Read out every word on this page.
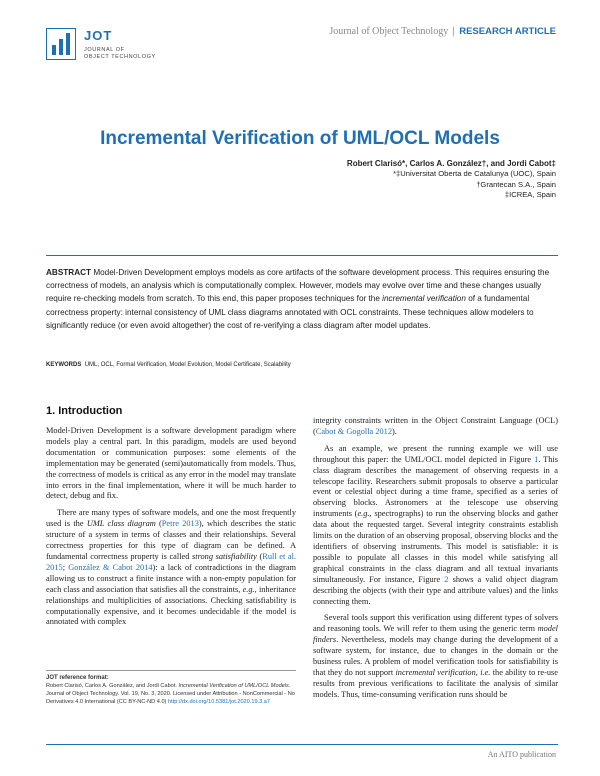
JOT
JOURNAL OF
OBJECT TECHNOLOGY
Journal of Object Technology | RESEARCH ARTICLE
Incremental Verification of UML/OCL Models
Robert Clarisó*, Carlos A. González†, and Jordi Cabot‡
*‡Universitat Oberta de Catalunya (UOC), Spain
†Grantecan S.A., Spain
‡ICREA, Spain
ABSTRACT Model-Driven Development employs models as core artifacts of the software development process. This requires ensuring the correctness of models, an analysis which is computationally complex. However, models may evolve over time and these changes usually require re-checking models from scratch. To this end, this paper proposes techniques for the incremental verification of a fundamental correctness property: internal consistency of UML class diagrams annotated with OCL constraints. These techniques allow modelers to significantly reduce (or even avoid altogether) the cost of re-verifying a class diagram after model updates.
KEYWORDS UML, OCL, Formal Verification, Model Evolution, Model Certificate, Scalability
1. Introduction

Model-Driven Development is a software development paradigm where models play a central part. In this paradigm, models are used beyond documentation or communication purposes: some elements of the implementation may be generated (semi)automatically from models. Thus, the correctness of models is critical as any error in the model may translate into errors in the final implementation, where it will be much harder to detect, debug and fix.

There are many types of software models, and one the most frequently used is the UML class diagram (Petre 2013), which describes the static structure of a system in terms of classes and their relationships. Several correctness properties for this type of diagram can be defined. A fundamental correctness property is called strong satisfiability (Rull et al. 2015; González & Cabot 2014): a lack of contradictions in the diagram allowing us to construct a finite instance with a non-empty population for each class and association that satisfies all the constraints, e.g., inheritance relationships and multiplicities of associations. Checking satisfiability is computationally expensive, and it becomes undecidable if the model is annotated with complex

integrity constraints written in the Object Constraint Language (OCL) (Cabot & Gogolla 2012).

As an example, we present the running example we will use throughout this paper: the UML/OCL model depicted in Figure 1. This class diagram describes the management of observing requests in a telescope facility. Researchers submit proposals to observe a particular event or celestial object during a time frame, specified as a series of observing blocks. Astronomers at the telescope use observing instruments (e.g., spectrographs) to run the observing blocks and gather data about the requested target. Several integrity constraints establish limits on the duration of an observing proposal, observing blocks and the identifiers of observing instruments. This model is satisfiable: it is possible to populate all classes in this model while satisfying all graphical constraints in the class diagram and all textual invariants simultaneously. For instance, Figure 2 shows a valid object diagram describing the objects (with their type and attribute values) and the links connecting them.

Several tools support this verification using different types of solvers and reasoning tools. We will refer to them using the generic term model finders. Nevertheless, models may change during the development of a software system, for instance, due to changes in the domain or the business rules. A problem of model verification tools for satisfiability is that they do not support incremental verification, i.e. the ability to re-use results from previous verifications to facilitate the analysis of similar models. Thus, time-consuming verification runs should be

JOT reference format:
Robert Clarisó, Carlos A. González, and Jordi Cabot. Incremental Verification of UML/OCL Models. Journal of Object Technology. Vol. 19, No. 3, 2020. Licensed under Attribution - NonCommercial - No Derivatives 4.0 International (CC BY-NC-ND 4.0) http://dx.doi.org/10.5381/jot.2020.19.3.a7
An AITO publication
